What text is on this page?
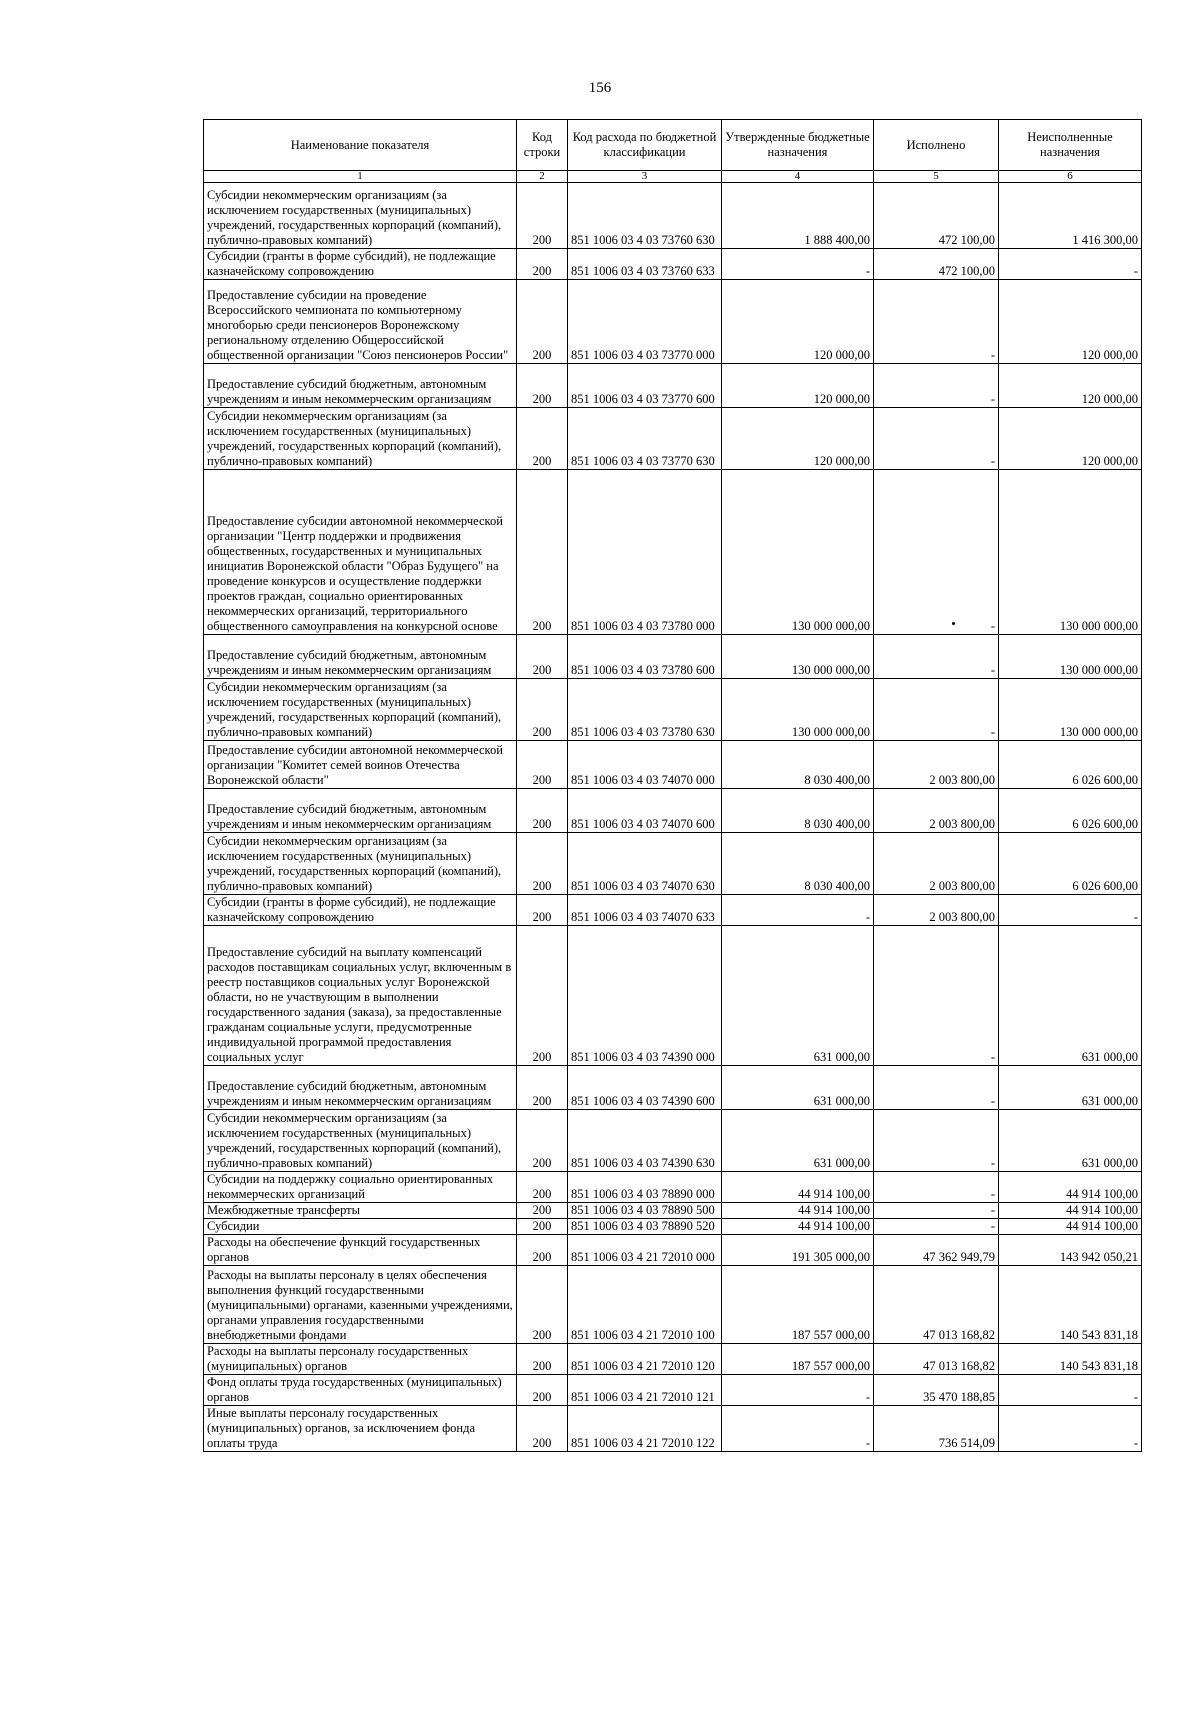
156
Наименование показателя	Код строки	Код расхода по бюджетной классификации	Утвержденные бюджетные назначения	Исполнено	Неисполненные назначения
1	2	3	4	5	6
Субсидии некоммерческим организациям (за исключением государственных (муниципальных) учреждений, государственных корпораций (компаний), публично-правовых компаний)	200	851 1006 03 4 03 73760 630	1 888 400,00	472 100,00	1 416 300,00
Субсидии (гранты в форме субсидий), не подлежащие казначейскому сопровождению	200	851 1006 03 4 03 73760 633	-	472 100,00	-
Предоставление субсидии на проведение Всероссийского чемпионата по компьютерному многоборью среди пенсионеров Воронежскому региональному отделению Общероссийской общественной организации "Союз пенсионеров России"	200	851 1006 03 4 03 73770 000	120 000,00	-	120 000,00
Предоставление субсидий бюджетным, автономным учреждениям и иным некоммерческим организациям	200	851 1006 03 4 03 73770 600	120 000,00	-	120 000,00
Субсидии некоммерческим организациям (за исключением государственных (муниципальных) учреждений, государственных корпораций (компаний), публично-правовых компаний)	200	851 1006 03 4 03 73770 630	120 000,00	-	120 000,00
Предоставление субсидии автономной некоммерческой организации "Центр поддержки и продвижения общественных, государственных и муниципальных инициатив Воронежской области "Образ Будущего" на проведение конкурсов и осуществление поддержки проектов граждан, социально ориентированных некоммерческих организаций, территориального общественного самоуправления на конкурсной основе	200	851 1006 03 4 03 73780 000	130 000 000,00	-	130 000 000,00
Предоставление субсидий бюджетным, автономным учреждениям и иным некоммерческим организациям	200	851 1006 03 4 03 73780 600	130 000 000,00	-	130 000 000,00
Субсидии некоммерческим организациям (за исключением государственных (муниципальных) учреждений, государственных корпораций (компаний), публично-правовых компаний)	200	851 1006 03 4 03 73780 630	130 000 000,00	-	130 000 000,00
Предоставление субсидии автономной некоммерческой организации "Комитет семей воинов Отечества Воронежской области"	200	851 1006 03 4 03 74070 000	8 030 400,00	2 003 800,00	6 026 600,00
Предоставление субсидий бюджетным, автономным учреждениям и иным некоммерческим организациям	200	851 1006 03 4 03 74070 600	8 030 400,00	2 003 800,00	6 026 600,00
Субсидии некоммерческим организациям (за исключением государственных (муниципальных) учреждений, государственных корпораций (компаний), публично-правовых компаний)	200	851 1006 03 4 03 74070 630	8 030 400,00	2 003 800,00	6 026 600,00
Субсидии (гранты в форме субсидий), не подлежащие казначейскому сопровождению	200	851 1006 03 4 03 74070 633	-	2 003 800,00	-
Предоставление субсидий на выплату компенсаций расходов поставщикам социальных услуг, включенным в реестр поставщиков социальных услуг Воронежской области, но не участвующим в выполнении государственного задания (заказа), за предоставленные гражданам социальные услуги, предусмотренные индивидуальной программой предоставления социальных услуг	200	851 1006 03 4 03 74390 000	631 000,00	-	631 000,00
Предоставление субсидий бюджетным, автономным учреждениям и иным некоммерческим организациям	200	851 1006 03 4 03 74390 600	631 000,00	-	631 000,00
Субсидии некоммерческим организациям (за исключением государственных (муниципальных) учреждений, государственных корпораций (компаний), публично-правовых компаний)	200	851 1006 03 4 03 74390 630	631 000,00	-	631 000,00
Субсидии на поддержку социально ориентированных некоммерческих организаций	200	851 1006 03 4 03 78890 000	44 914 100,00	-	44 914 100,00
Межбюджетные трансферты	200	851 1006 03 4 03 78890 500	44 914 100,00	-	44 914 100,00
Субсидии	200	851 1006 03 4 03 78890 520	44 914 100,00	-	44 914 100,00
Расходы на обеспечение функций государственных органов	200	851 1006 03 4 21 72010 000	191 305 000,00	47 362 949,79	143 942 050,21
Расходы на выплаты персоналу в целях обеспечения выполнения функций государственными (муниципальными) органами, казенными учреждениями, органами управления государственными внебюджетными фондами	200	851 1006 03 4 21 72010 100	187 557 000,00	47 013 168,82	140 543 831,18
Расходы на выплаты персоналу государственных (муниципальных) органов	200	851 1006 03 4 21 72010 120	187 557 000,00	47 013 168,82	140 543 831,18
Фонд оплаты труда государственных (муниципальных) органов	200	851 1006 03 4 21 72010 121	-	35 470 188,85	-
Иные выплаты персоналу государственных (муниципальных) органов, за исключением фонда оплаты труда	200	851 1006 03 4 21 72010 122	-	736 514,09	-
